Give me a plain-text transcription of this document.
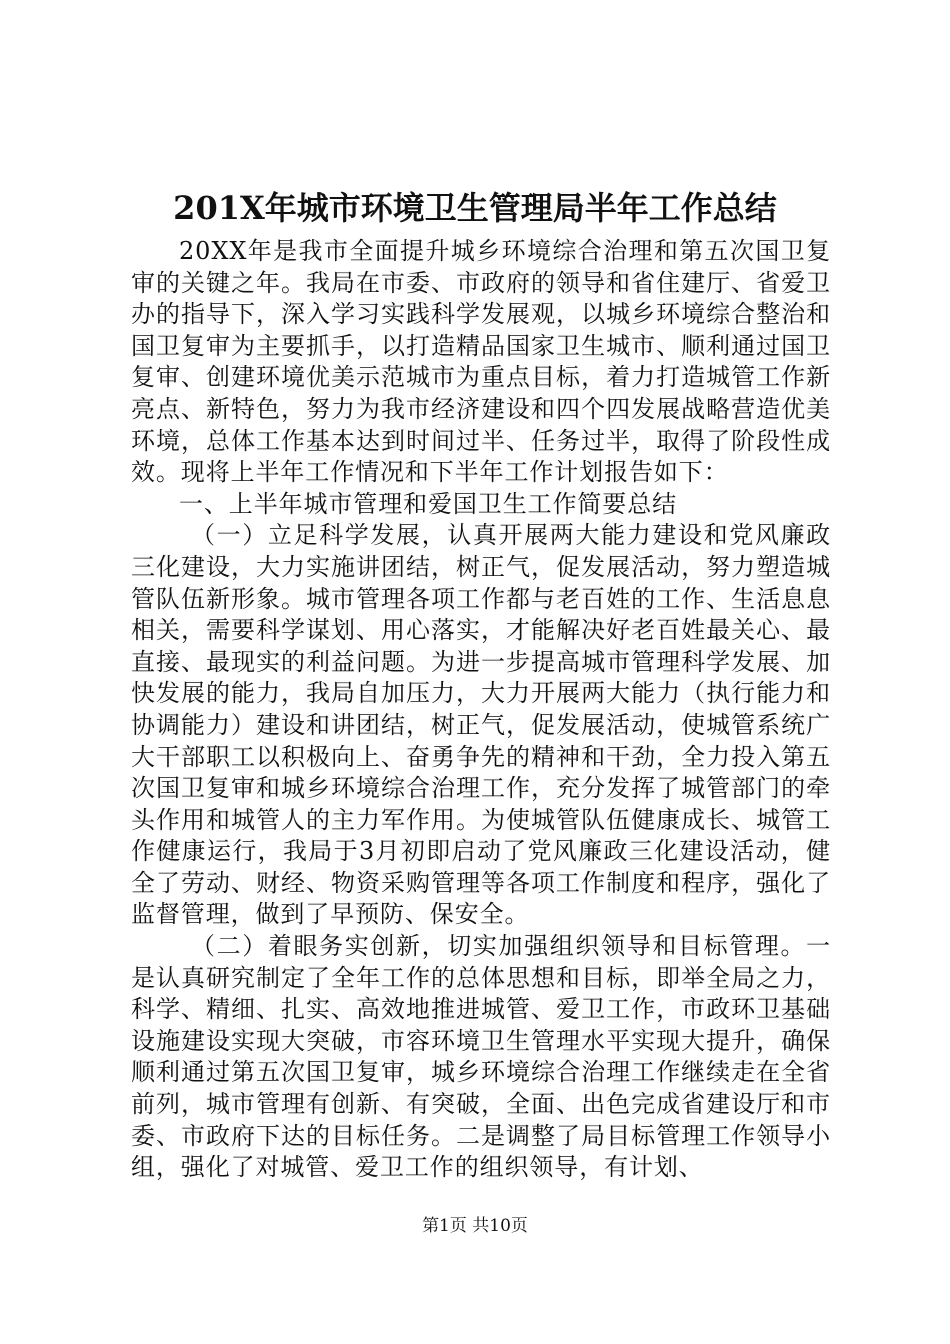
201X年城市环境卫生管理局半年工作总结

20XX年是我市全面提升城乡环境综合治理和第五次国卫复审的关键之年。我局在市委、市政府的领导和省住建厅、省爱卫办的指导下，深入学习实践科学发展观，以城乡环境综合整治和国卫复审为主要抓手，以打造精品国家卫生城市、顺利通过国卫复审、创建环境优美示范城市为重点目标，着力打造城管工作新亮点、新特色，努力为我市经济建设和四个四发展战略营造优美环境，总体工作基本达到时间过半、任务过半，取得了阶段性成效。现将上半年工作情况和下半年工作计划报告如下：

一、上半年城市管理和爱国卫生工作简要总结

（一）立足科学发展，认真开展两大能力建设和党风廉政三化建设，大力实施讲团结，树正气，促发展活动，努力塑造城管队伍新形象。城市管理各项工作都与老百姓的工作、生活息息相关，需要科学谋划、用心落实，才能解决好老百姓最关心、最直接、最现实的利益问题。为进一步提高城市管理科学发展、加快发展的能力，我局自加压力，大力开展两大能力（执行能力和协调能力）建设和讲团结，树正气，促发展活动，使城管系统广大干部职工以积极向上、奋勇争先的精神和干劲，全力投入第五次国卫复审和城乡环境综合治理工作，充分发挥了城管部门的牵头作用和城管人的主力军作用。为使城管队伍健康成长、城管工作健康运行，我局于3月初即启动了党风廉政三化建设活动，健全了劳动、财经、物资采购管理等各项工作制度和程序，强化了监督管理，做到了早预防、保安全。

（二）着眼务实创新，切实加强组织领导和目标管理。一是认真研究制定了全年工作的总体思想和目标，即举全局之力，科学、精细、扎实、高效地推进城管、爱卫工作，市政环卫基础设施建设实现大突破，市容环境卫生管理水平实现大提升，确保顺利通过第五次国卫复审，城乡环境综合治理工作继续走在全省前列，城市管理有创新、有突破，全面、出色完成省建设厅和市委、市政府下达的目标任务。二是调整了局目标管理工作领导小组，强化了对城管、爱卫工作的组织领导，有计划、

第1页 共10页
